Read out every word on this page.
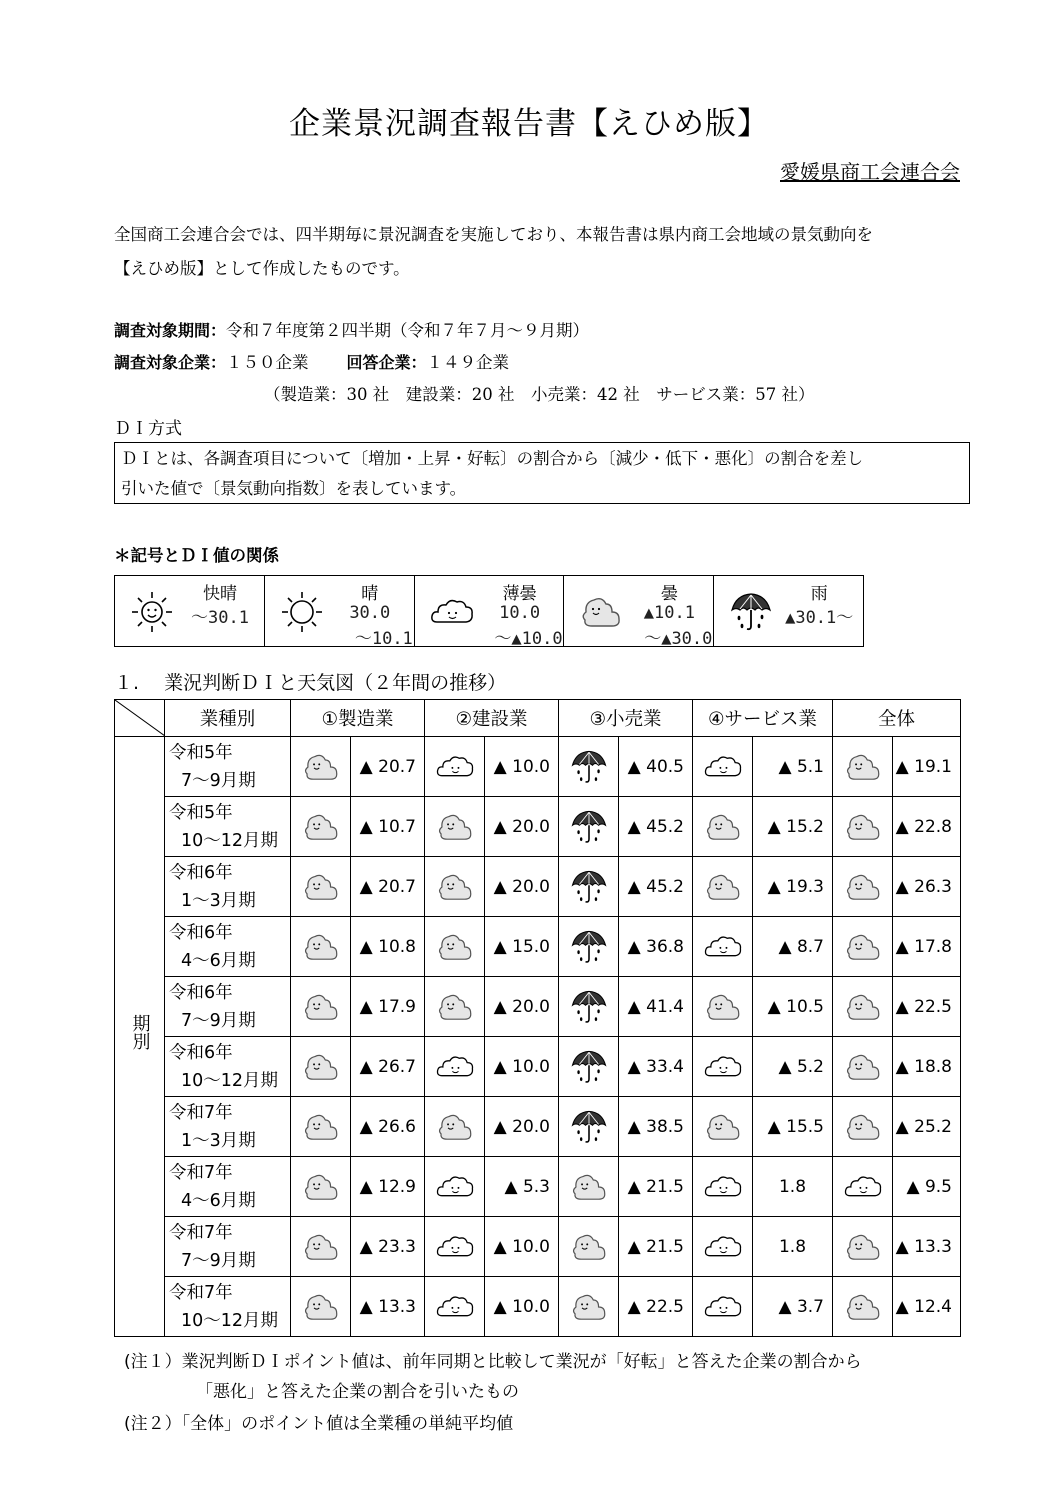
企業景況調査報告書【えひめ版】
愛媛県商工会連合会
全国商工会連合会では、四半期毎に景況調査を実施しており、本報告書は県内商工会地域の景気動向を
【えひめ版】として作成したものです。
調査対象期間：令和７年度第２四半期（令和７年７月～９月期）
調査対象企業：１５０企業 回答企業：１４９企業
（製造業：30 社　建設業：20 社　小売業：42 社　サービス業：57 社）
ＤＩ方式
ＤＩとは、各調査項目について〔増加・上昇・好転〕の割合から〔減少・低下・悪化〕の割合を差し
引いた値で〔景気動向指数〕を表しています。
＊記号とＤＩ値の関係
快晴
～30.1
晴
30.0
～10.1
薄曇
10.0
～▲10.0
曇
▲10.1
～▲30.0
雨
▲30.1～
１.　 業況判断ＤＩと天気図（２年間の推移）
	業種別	①製造業		②建設業		③小売業		④サービス業		全体	
期別	令和5年
7～9月期		▲ 20.7		▲ 10.0		▲ 40.5		▲ 5.1		▲ 19.1

	令和5年
10～12月期		▲ 10.7		▲ 20.0		▲ 45.2		▲ 15.2		▲ 22.8

	令和6年
1～3月期		▲ 20.7		▲ 20.0		▲ 45.2		▲ 19.3		▲ 26.3

	令和6年
4～6月期		▲ 10.8		▲ 15.0		▲ 36.8		▲ 8.7		▲ 17.8

	令和6年
7～9月期		▲ 17.9		▲ 20.0		▲ 41.4		▲ 10.5		▲ 22.5

	令和6年
10～12月期		▲ 26.7		▲ 10.0		▲ 33.4		▲ 5.2		▲ 18.8

	令和7年
1～3月期		▲ 26.6		▲ 20.0		▲ 38.5		▲ 15.5		▲ 25.2

	令和7年
4～6月期		▲ 12.9		▲ 5.3		▲ 21.5		1.8		▲ 9.5

	令和7年
7～9月期		▲ 23.3		▲ 10.0		▲ 21.5		1.8		▲ 13.3

	令和7年
10～12月期		▲ 13.3		▲ 10.0		▲ 22.5		▲ 3.7		▲ 12.4
(注１）業況判断ＤＩポイント値は、前年同期と比較して業況が「好転」と答えた企業の割合から
「悪化」と答えた企業の割合を引いたもの
(注２）「全体」のポイント値は全業種の単純平均値
